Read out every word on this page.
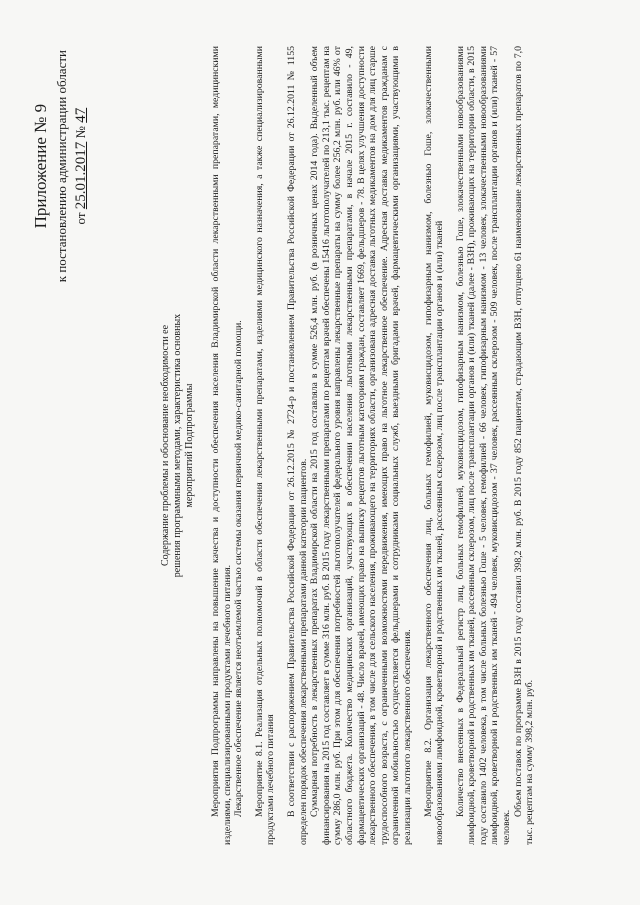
Приложение № 9 к постановлению администрации области от 25.01.2017 № 47
Содержание проблемы и обоснование необходимости ее решения программными методами, характеристика основных мероприятий Подпрограммы Мероприятия Подпрограммы направлены на повышение качества и доступности обеспечения населения Владимирской области лекарственными препаратами, медицинскими изделиями, специализированными продуктами лечебного питания. Лекарственное обеспечение является неотъемлемой частью системы оказания первичной медико-санитарной помощи. Мероприятие 8.1. Реализация отдельных полномочий в области обеспечения лекарственными препаратами, изделиями медицинского назначения, а также специализированными продуктами лечебного питания В соответствии с распоряжением Правительства Российской Федерации от 26.12.2015 № 2724-р и постановлением Правительства Российской Федерации от 26.12.2011 № 1155 определен порядок обеспечения лекарственными препаратами данной категории пациентов. Суммарная потребность в лекарственных препаратах Владимирской области на 2015 год составляла в сумме 526,4 млн. руб. (в розничных ценах 2014 года). Выделенный объем финансирования на 2015 год составляет в сумме 316 млн. руб. В 2015 году лекарственными препаратами по рецептам врачей обеспечены 15416 льготополучателей по 213,1 тыс. рецептам на сумму 286,0 млн. руб. При этом для обеспечения потребностей льготополучателей федерального уровня направлены лекарственные препараты на сумму более 256,2 млн. руб. или 46% от областного бюджета. Количество медицинских организаций, участвующих в обеспечении населения льготными лекарственными препаратами, в начале 2015 г. составило - 49, фармацевтических организаций - 48. Число врачей, имеющих право на выписку рецептов льготным категориям граждан, составляет 1669, фельдшеров - 78. В целях улучшения доступности лекарственного обеспечения, в том числе для сельского населения, проживающего на территориях области, организована адресная доставка льготных медикаментов на дом для лиц старше трудоспособного возраста, с ограниченными возможностями передвижения, имеющих право на льготное лекарственное обеспечение. Адресная доставка медикаментов гражданам с ограниченной мобильностью осуществляется фельдшерами и сотрудниками социальных служб, выездными бригадами врачей, фармацевтическими организациями, участвующими в реализации льготного лекарственного обеспечения. Мероприятие 8.2. Организация лекарственного обеспечения лиц, больных гемофилией, муковисцидозом, гипофизарным нанизмом, болезнью Гоше, злокачественными новообразованиями лимфоидной, кроветворной и родственных им тканей, рассеянным склерозом, лиц после трансплантации органов и (или) тканей Количество внесенных в Федеральный регистр лиц, больных гемофилией, муковисцидозом, гипофизарным нанизмом, болезнью Гоше, злокачественными новообразованиями лимфоидной, кроветворной и родственных им тканей, рассеянным склерозом, лиц после трансплантации органов и (или) тканей (далее - ВЗН), проживающих на территории области, в 2015 году составило 1402 человека, в том числе больных болезнью Гоше - 5 человек, гемофилией - 66 человек, гипофизарным нанизмом - 13 человек, злокачественными новообразованиями лимфоидной, кроветворной и родственных им тканей - 494 человек, муковисцидозом - 37 человек, рассеянным склерозом - 509 человек, после трансплантации органов и (или) тканей - 57 человек.

Объем поставок по программе ВЗН в 2015 году составил 398,2 млн. руб. В 2015 году 852 пациентам, страдающим ВЗН, отпущено 61 наименование лекарственных препаратов по 7,0 тыс. рецептам на сумму 398,2 млн. руб.
